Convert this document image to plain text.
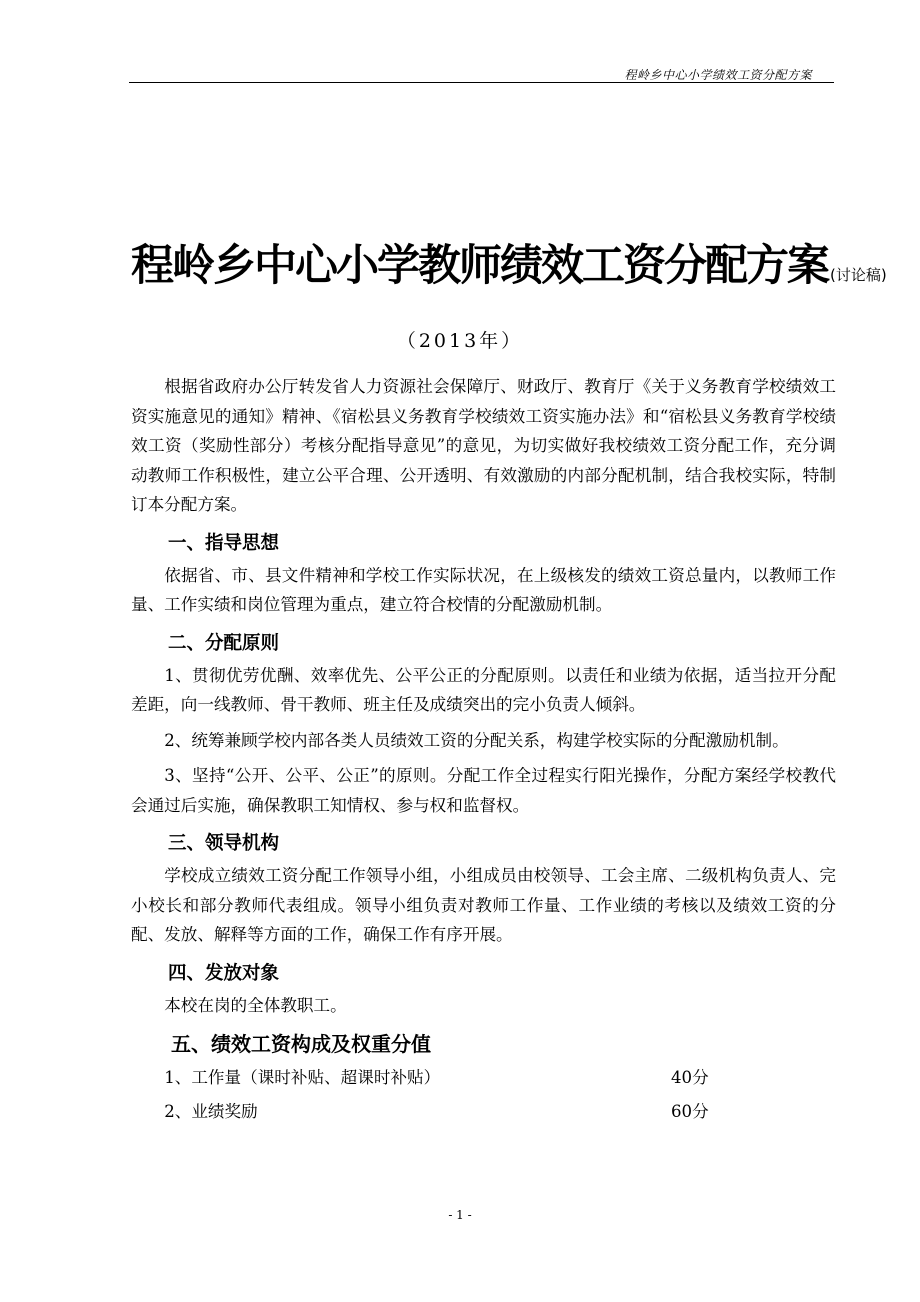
程岭乡中心小学绩效工资分配方案
程岭乡中心小学教师绩效工资分配方案 (讨论稿)
（2013年）

根据省政府办公厅转发省人力资源社会保障厅、财政厅、教育厅《关于义务教育学校绩效工资实施意见的通知》精神、《宿松县义务教育学校绩效工资实施办法》和“宿松县义务教育学校绩效工资（奖励性部分）考核分配指导意见”的意见，为切实做好我校绩效工资分配工作，充分调动教师工作积极性，建立公平合理、公开透明、有效激励的内部分配机制，结合我校实际，特制订本分配方案。

一、指导思想

依据省、市、县文件精神和学校工作实际状况，在上级核发的绩效工资总量内，以教师工作量、工作实绩和岗位管理为重点，建立符合校情的分配激励机制。

二、分配原则

1、贯彻优劳优酬、效率优先、公平公正的分配原则。以责任和业绩为依据，适当拉开分配差距，向一线教师、骨干教师、班主任及成绩突出的完小负责人倾斜。

2、统筹兼顾学校内部各类人员绩效工资的分配关系，构建学校实际的分配激励机制。

3、坚持“公开、公平、公正”的原则。分配工作全过程实行阳光操作，分配方案经学校教代会通过后实施，确保教职工知情权、参与权和监督权。

三、领导机构

学校成立绩效工资分配工作领导小组，小组成员由校领导、工会主席、二级机构负责人、完小校长和部分教师代表组成。领导小组负责对教师工作量、工作业绩的考核以及绩效工资的分配、发放、解释等方面的工作，确保工作有序开展。

四、发放对象

本校在岗的全体教职工。

五、绩效工资构成及权重分值
1、工作量（课时补贴、超课时补贴）	40分
2、业绩奖励	60分
- 1 -
